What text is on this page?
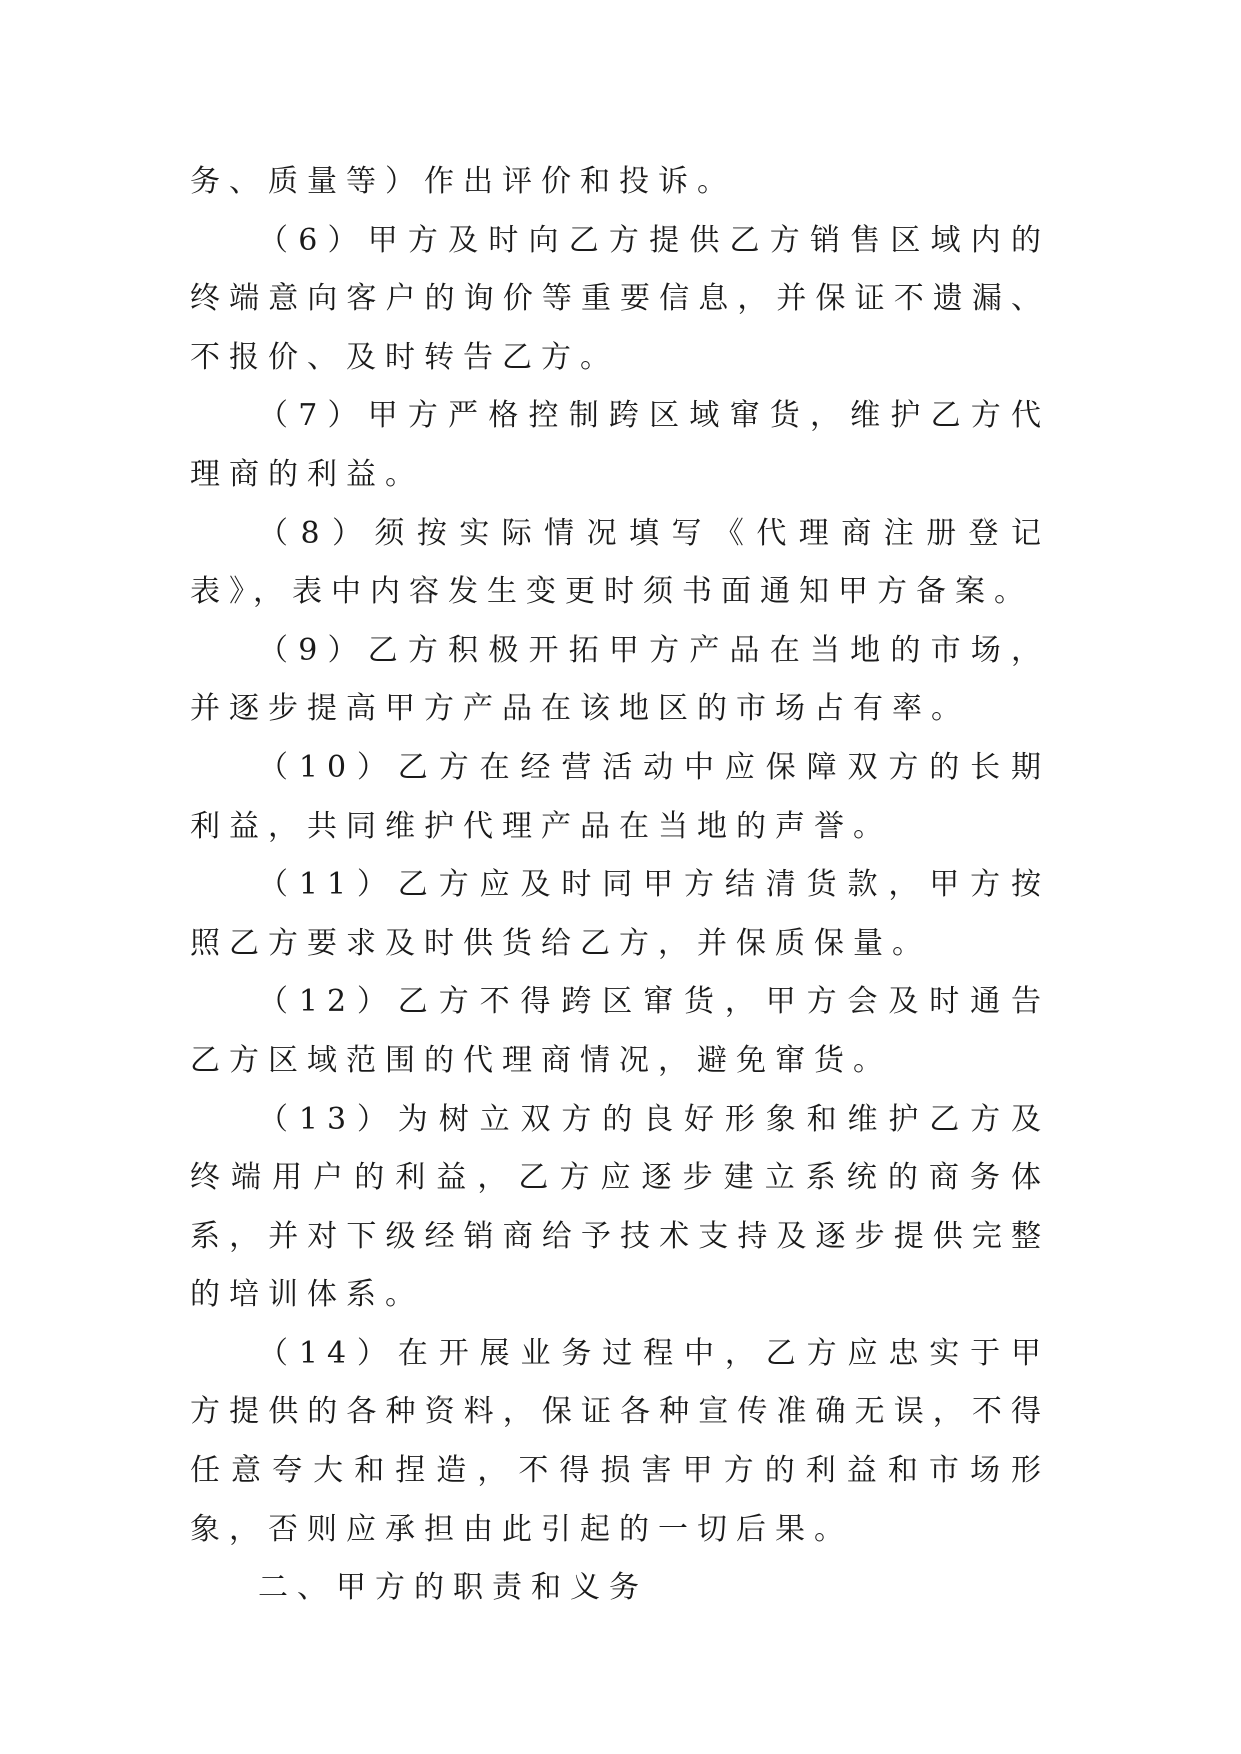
务、质量等）作出评价和投诉。

（6）甲方及时向乙方提供乙方销售区域内的终端意向客户的询价等重要信息，并保证不遗漏、不报价、及时转告乙方。

（7）甲方严格控制跨区域窜货，维护乙方代理商的利益。

（8）须按实际情况填写《代理商注册登记表》，表中内容发生变更时须书面通知甲方备案。

（9）乙方积极开拓甲方产品在当地的市场，并逐步提高甲方产品在该地区的市场占有率。

（10）乙方在经营活动中应保障双方的长期利益，共同维护代理产品在当地的声誉。

（11）乙方应及时同甲方结清货款，甲方按照乙方要求及时供货给乙方，并保质保量。

（12）乙方不得跨区窜货，甲方会及时通告乙方区域范围的代理商情况，避免窜货。

（13）为树立双方的良好形象和维护乙方及终端用户的利益，乙方应逐步建立系统的商务体系，并对下级经销商给予技术支持及逐步提供完整的培训体系。

（14）在开展业务过程中，乙方应忠实于甲方提供的各种资料，保证各种宣传准确无误，不得任意夸大和捏造，不得损害甲方的利益和市场形象，否则应承担由此引起的一切后果。

二、甲方的职责和义务
